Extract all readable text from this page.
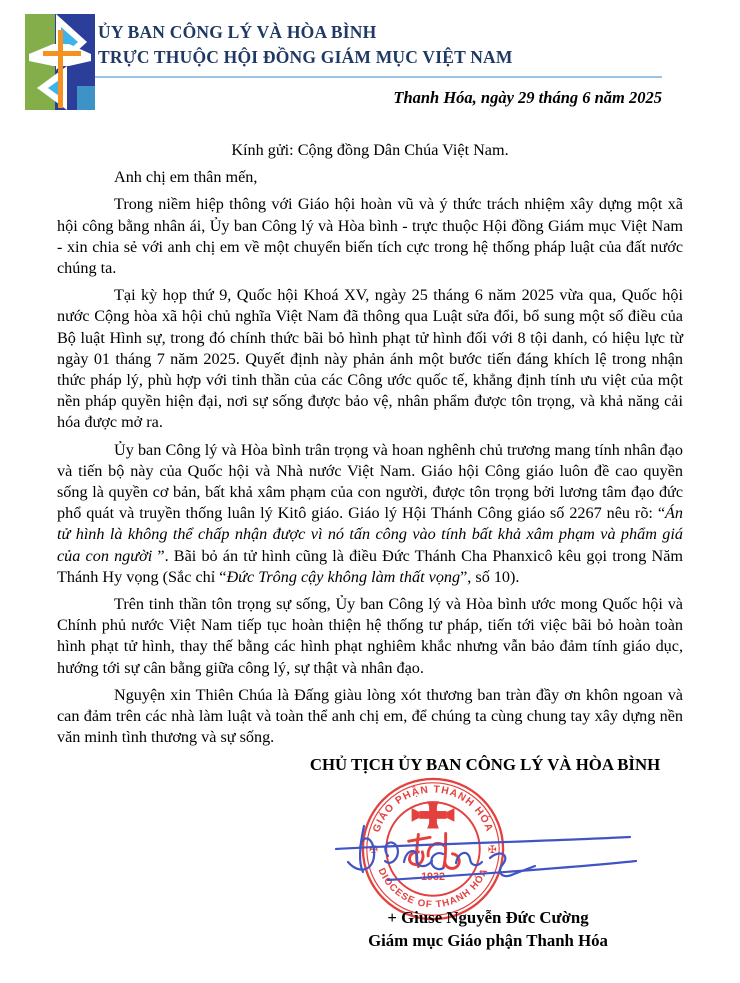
ỦY BAN CÔNG LÝ VÀ HÒA BÌNH
TRỰC THUỘC HỘI ĐỒNG GIÁM MỤC VIỆT NAM
Thanh Hóa, ngày 29 tháng 6 năm 2025

Kính gửi: Cộng đồng Dân Chúa Việt Nam.

Anh chị em thân mến,

Trong niềm hiệp thông với Giáo hội hoàn vũ và ý thức trách nhiệm xây dựng một xã hội công bằng nhân ái, Ủy ban Công lý và Hòa bình - trực thuộc Hội đồng Giám mục Việt Nam - xin chia sẻ với anh chị em về một chuyển biến tích cực trong hệ thống pháp luật của đất nước chúng ta.

Tại kỳ họp thứ 9, Quốc hội Khoá XV, ngày 25 tháng 6 năm 2025 vừa qua, Quốc hội nước Cộng hòa xã hội chủ nghĩa Việt Nam đã thông qua Luật sửa đổi, bổ sung một số điều của Bộ luật Hình sự, trong đó chính thức bãi bỏ hình phạt tử hình đối với 8 tội danh, có hiệu lực từ ngày 01 tháng 7 năm 2025. Quyết định này phản ánh một bước tiến đáng khích lệ trong nhận thức pháp lý, phù hợp với tinh thần của các Công ước quốc tế, khẳng định tính ưu việt của một nền pháp quyền hiện đại, nơi sự sống được bảo vệ, nhân phẩm được tôn trọng, và khả năng cải hóa được mở ra.

Ủy ban Công lý và Hòa bình trân trọng và hoan nghênh chủ trương mang tính nhân đạo và tiến bộ này của Quốc hội và Nhà nước Việt Nam. Giáo hội Công giáo luôn đề cao quyền sống là quyền cơ bản, bất khả xâm phạm của con người, được tôn trọng bởi lương tâm đạo đức phổ quát và truyền thống luân lý Kitô giáo. Giáo lý Hội Thánh Công giáo số 2267 nêu rõ: “Án tử hình là không thể chấp nhận được vì nó tấn công vào tính bất khả xâm phạm và phẩm giá của con người ”. Bãi bỏ án tử hình cũng là điều Đức Thánh Cha Phanxicô kêu gọi trong Năm Thánh Hy vọng (Sắc chỉ “Đức Trông cậy không làm thất vọng”, số 10).

Trên tinh thần tôn trọng sự sống, Ủy ban Công lý và Hòa bình ước mong Quốc hội và Chính phủ nước Việt Nam tiếp tục hoàn thiện hệ thống tư pháp, tiến tới việc bãi bỏ hoàn toàn hình phạt tử hình, thay thế bằng các hình phạt nghiêm khắc nhưng vẫn bảo đảm tính giáo dục, hướng tới sự cân bằng giữa công lý, sự thật và nhân đạo.

Nguyện xin Thiên Chúa là Đấng giàu lòng xót thương ban tràn đầy ơn khôn ngoan và can đảm trên các nhà làm luật và toàn thể anh chị em, để chúng ta cùng chung tay xây dựng nền văn minh tình thương và sự sống.

CHỦ TỊCH ỦY BAN CÔNG LÝ VÀ HÒA BÌNH
GIÁO PHẬN THANH HÓA
DIOCESE OF THANH HÓA
✠	✠
1932
+ Giuse Nguyễn Đức Cường
Giám mục Giáo phận Thanh Hóa
